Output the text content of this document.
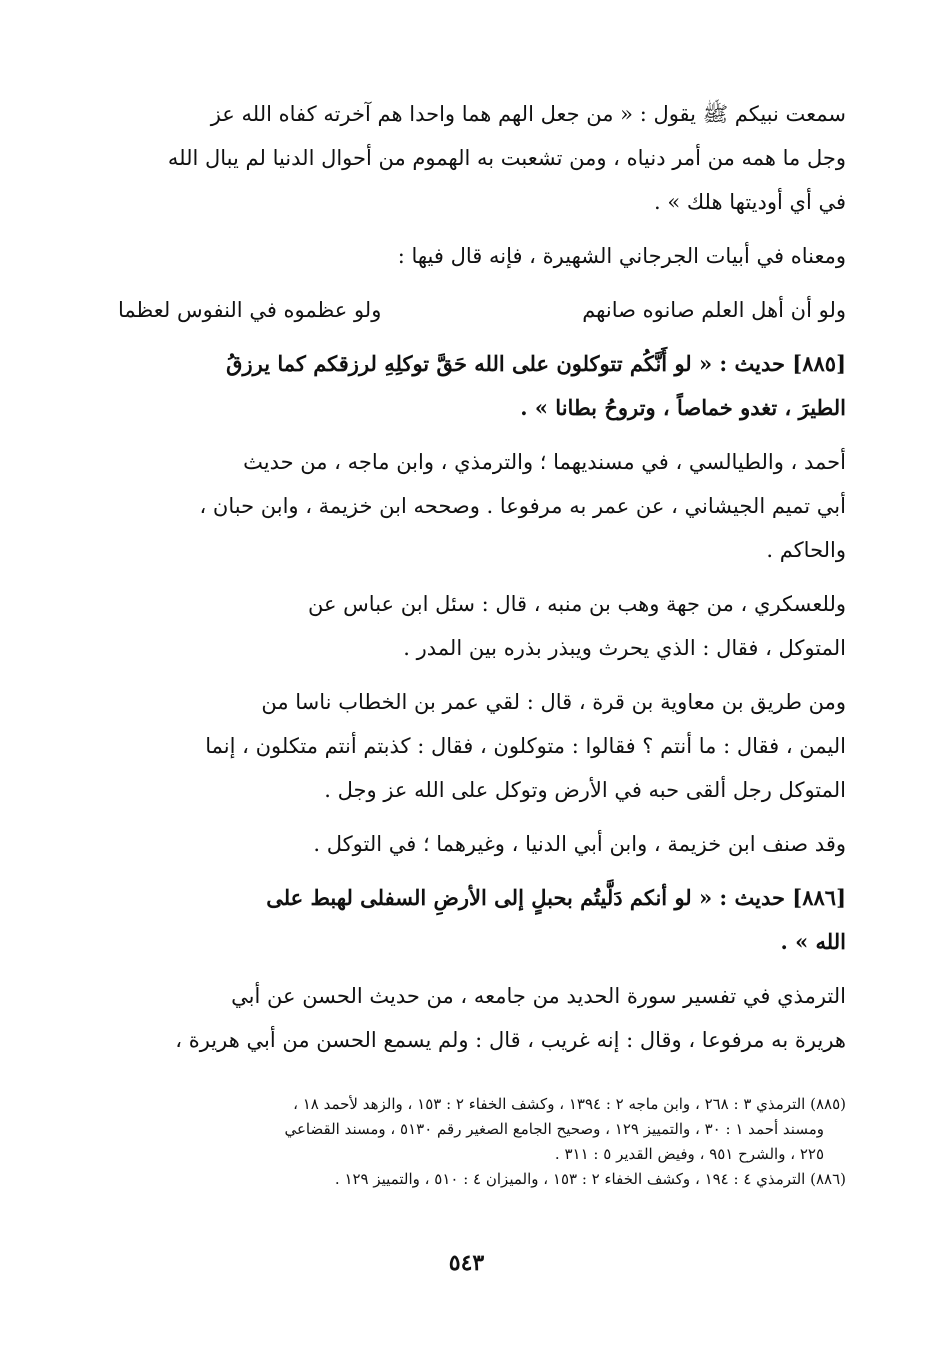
سمعت نبيكم ﷺ يقول : « من جعل الهم هما واحدا هم آخرته كفاه الله عز
وجل ما همه من أمر دنياه ، ومن تشعبت به الهموم من أحوال الدنيا لم يبال الله
في أي أوديتها هلك » .
ومعناه في أبيات الجرجاني الشهيرة ، فإنه قال فيها :
ولو أن أهل العلم صانوه صانهم
ولو عظموه في النفوس لعظما
[٨٨٥] حديث : « لو أَنَّكُم تتوكلون على الله حَقَّ توكلِهِ لرزقكم كما يرزقُ
الطيرَ ، تغدو خماصاً ، وتروحُ بطانا » .
أحمد ، والطيالسي ، في مسنديهما ؛ والترمذي ، وابن ماجه ، من حديث
أبي تميم الجيشاني ، عن عمر به مرفوعا . وصححه ابن خزيمة ، وابن حبان ،
والحاكم .
وللعسكري ، من جهة وهب بن منبه ، قال : سئل ابن عباس عن
المتوكل ، فقال : الذي يحرث ويبذر بذره بين المدر .
ومن طريق بن معاوية بن قرة ، قال : لقي عمر بن الخطاب ناسا من
اليمن ، فقال : ما أنتم ؟ فقالوا : متوكلون ، فقال : كذبتم أنتم متكلون ، إنما
المتوكل رجل ألقى حبه في الأرض وتوكل على الله عز وجل .
وقد صنف ابن خزيمة ، وابن أبي الدنيا ، وغيرهما ؛ في التوكل .
[٨٨٦] حديث : « لو أنكم دَلَّيتُم بحبلٍ إلى الأرضِ السفلى لهبط على
الله » .
الترمذي في تفسير سورة الحديد من جامعه ، من حديث الحسن عن أبي
هريرة به مرفوعا ، وقال : إنه غريب ، قال : ولم يسمع الحسن من أبي هريرة ،
(٨٨٥) الترمذي ٣ : ٢٦٨ ، وابن ماجه ٢ : ١٣٩٤ ، وكشف الخفاء ٢ : ١٥٣ ، والزهد لأحمد ١٨ ،
ومسند أحمد ١ : ٣٠ ، والتمييز ١٢٩ ، وصحيح الجامع الصغير رقم ٥١٣٠ ، ومسند القضاعي
٢٢٥ ، والشرح ٩٥١ ، وفيض القدير ٥ : ٣١١ .
(٨٨٦) الترمذي ٤ : ١٩٤ ، وكشف الخفاء ٢ : ١٥٣ ، والميزان ٤ : ٥١٠ ، والتمييز ١٢٩ .
٥٤٣
